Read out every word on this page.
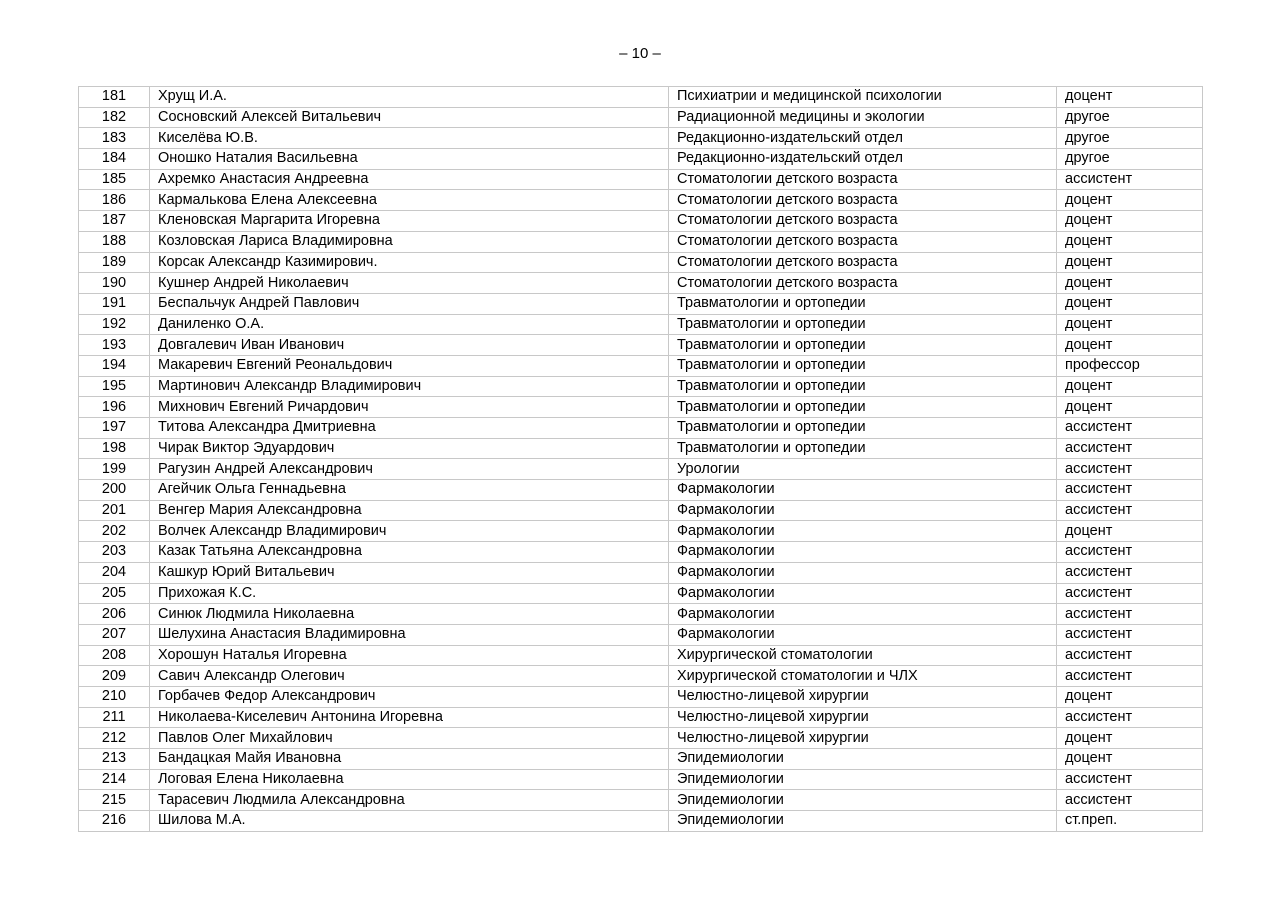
– 10 –
181	Хрущ И.А.	Психиатрии и медицинской психологии	доцент
182	Сосновский Алексей Витальевич	Радиационной медицины и экологии	другое
183	Киселёва Ю.В.	Редакционно-издательский отдел	другое
184	Оношко Наталия Васильевна	Редакционно-издательский отдел	другое
185	Ахремко Анастасия Андреевна	Стоматологии детского возраста	ассистент
186	Кармалькова Елена Алексеевна	Стоматологии детского возраста	доцент
187	Кленовская Маргарита Игоревна	Стоматологии детского возраста	доцент
188	Козловская Лариса Владимировна	Стоматологии детского возраста	доцент
189	Корсак Александр Казимирович.	Стоматологии детского возраста	доцент
190	Кушнер Андрей Николаевич	Стоматологии детского возраста	доцент
191	Беспальчук Андрей Павлович	Травматологии и ортопедии	доцент
192	Даниленко О.А.	Травматологии и ортопедии	доцент
193	Довгалевич Иван Иванович	Травматологии и ортопедии	доцент
194	Макаревич Евгений Реональдович	Травматологии и ортопедии	профессор
195	Мартинович Александр Владимирович	Травматологии и ортопедии	доцент
196	Михнович Евгений Ричардович	Травматологии и ортопедии	доцент
197	Титова Александра Дмитриевна	Травматологии и ортопедии	ассистент
198	Чирак Виктор Эдуардович	Травматологии и ортопедии	ассистент
199	Рагузин Андрей Александрович	Урологии	ассистент
200	Агейчик Ольга Геннадьевна	Фармакологии	ассистент
201	Венгер Мария Александровна	Фармакологии	ассистент
202	Волчек Александр Владимирович	Фармакологии	доцент
203	Казак Татьяна Александровна	Фармакологии	ассистент
204	Кашкур Юрий Витальевич	Фармакологии	ассистент
205	Прихожая К.С.	Фармакологии	ассистент
206	Синюк Людмила Николаевна	Фармакологии	ассистент
207	Шелухина Анастасия Владимировна	Фармакологии	ассистент
208	Хорошун Наталья Игоревна	Хирургической стоматологии	ассистент
209	Савич Александр Олегович	Хирургической стоматологии и ЧЛХ	ассистент
210	Горбачев Федор Александрович	Челюстно-лицевой хирургии	доцент
211	Николаева-Киселевич Антонина Игоревна	Челюстно-лицевой хирургии	ассистент
212	Павлов Олег Михайлович	Челюстно-лицевой хирургии	доцент
213	Бандацкая Майя Ивановна	Эпидемиологии	доцент
214	Логовая Елена Николаевна	Эпидемиологии	ассистент
215	Тарасевич Людмила Александровна	Эпидемиологии	ассистент
216	Шилова М.А.	Эпидемиологии	ст.преп.
